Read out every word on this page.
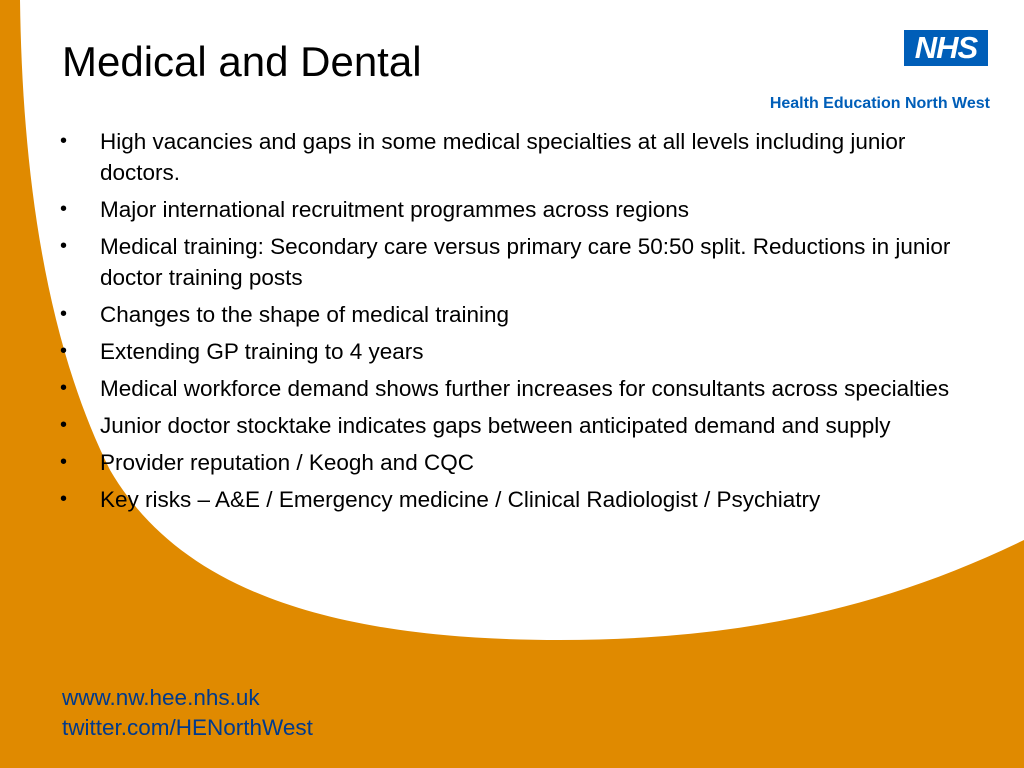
Medical and Dental	NHS
Health Education North West
•	High vacancies and gaps in some medical specialties at all levels including junior doctors.
•	Major international recruitment programmes across regions
•	Medical training: Secondary care versus primary care 50:50 split. Reductions in junior doctor training posts
•	Changes to the shape of medical training
•	Extending GP training to 4 years
•	Medical workforce demand shows further increases for consultants across specialties
•	Junior doctor stocktake indicates gaps between anticipated demand and supply
•	Provider reputation / Keogh and CQC
•	Key risks – A&E / Emergency medicine / Clinical Radiologist / Psychiatry
www.nw.hee.nhs.uk
twitter.com/HENorthWest
